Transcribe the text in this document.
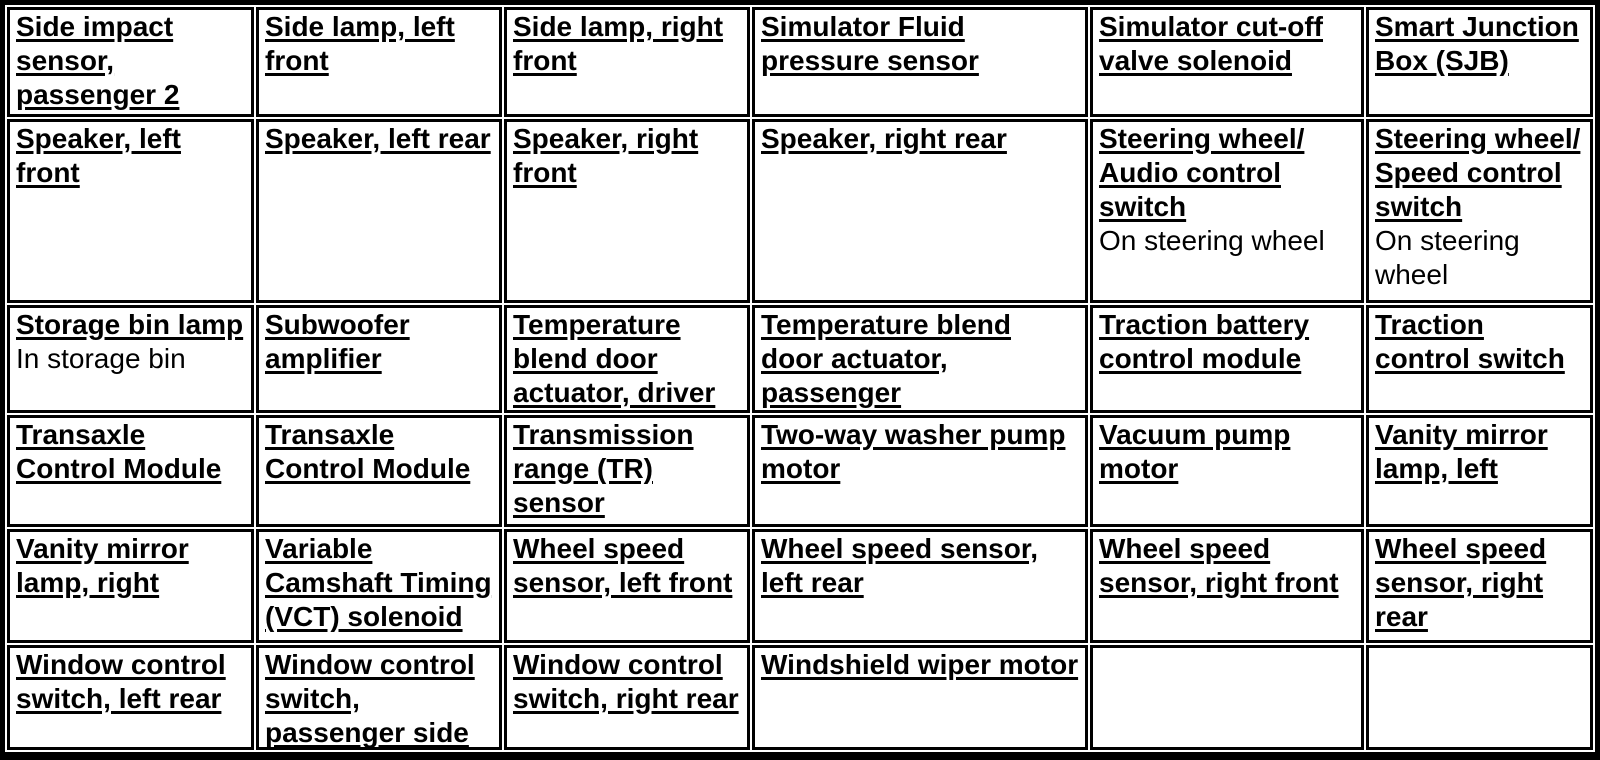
Side impact sensor, passenger 2
Side lamp, left front
Side lamp, right front
Simulator Fluid pressure sensor
Simulator cut-off valve solenoid
Smart Junction Box (SJB)
Speaker, left front
Speaker, left rear Speaker, right front
Speaker, right rear	Steering wheel/ Audio control switch
On steering wheel
Steering wheel/ Speed control switch
On steering wheel
Storage bin lamp
In storage bin
Subwoofer amplifier
Temperature blend door actuator, driver
Temperature blend door actuator, passenger
Traction battery control module
Traction control switch
Transaxle Control Module
Transaxle Control Module
Transmission range (TR) sensor
Two-way washer pump motor
Vacuum pump motor
Vanity mirror lamp, left
Vanity mirror lamp, right
Variable Camshaft Timing (VCT) solenoid
Wheel speed sensor, left front
Wheel speed sensor, left rear
Wheel speed sensor, right front
Wheel speed sensor, right rear
Window control switch, left rear
Window control switch, passenger side
Window control switch, right rear
Windshield wiper motor
